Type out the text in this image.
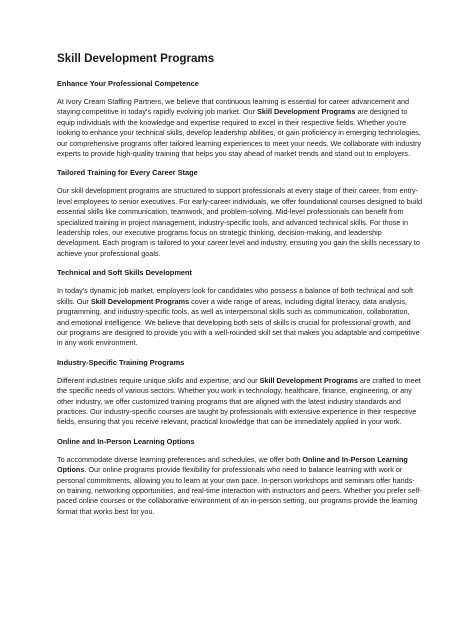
Skill Development Programs
Enhance Your Professional Competence

At Ivory Cream Staffing Partners, we believe that continuous learning is essential for career advancement and staying competitive in today's rapidly evolving job market. Our Skill Development Programs are designed to equip individuals with the knowledge and expertise required to excel in their respective fields. Whether you're looking to enhance your technical skills, develop leadership abilities, or gain proficiency in emerging technologies, our comprehensive programs offer tailored learning experiences to meet your needs. We collaborate with industry experts to provide high-quality training that helps you stay ahead of market trends and stand out to employers.

Tailored Training for Every Career Stage

Our skill development programs are structured to support professionals at every stage of their career, from entry-level employees to senior executives. For early-career individuals, we offer foundational courses designed to build essential skills like communication, teamwork, and problem-solving. Mid-level professionals can benefit from specialized training in project management, industry-specific tools, and advanced technical skills. For those in leadership roles, our executive programs focus on strategic thinking, decision-making, and leadership development. Each program is tailored to your career level and industry, ensuring you gain the skills necessary to achieve your professional goals.

Technical and Soft Skills Development

In today's dynamic job market, employers look for candidates who possess a balance of both technical and soft skills. Our Skill Development Programs cover a wide range of areas, including digital literacy, data analysis, programming, and industry-specific tools, as well as interpersonal skills such as communication, collaboration, and emotional intelligence. We believe that developing both sets of skills is crucial for professional growth, and our programs are designed to provide you with a well-rounded skill set that makes you adaptable and competitive in any work environment.

Industry-Specific Training Programs

Different industries require unique skills and expertise, and our Skill Development Programs are crafted to meet the specific needs of various sectors. Whether you work in technology, healthcare, finance, engineering, or any other industry, we offer customized training programs that are aligned with the latest industry standards and practices. Our industry-specific courses are taught by professionals with extensive experience in their respective fields, ensuring that you receive relevant, practical knowledge that can be immediately applied in your work.

Online and In-Person Learning Options

To accommodate diverse learning preferences and schedules, we offer both Online and In-Person Learning Options. Our online programs provide flexibility for professionals who need to balance learning with work or personal commitments, allowing you to learn at your own pace. In-person workshops and seminars offer hands-on training, networking opportunities, and real-time interaction with instructors and peers. Whether you prefer self-paced online courses or the collaborative environment of an in-person setting, our programs provide the learning format that works best for you.
